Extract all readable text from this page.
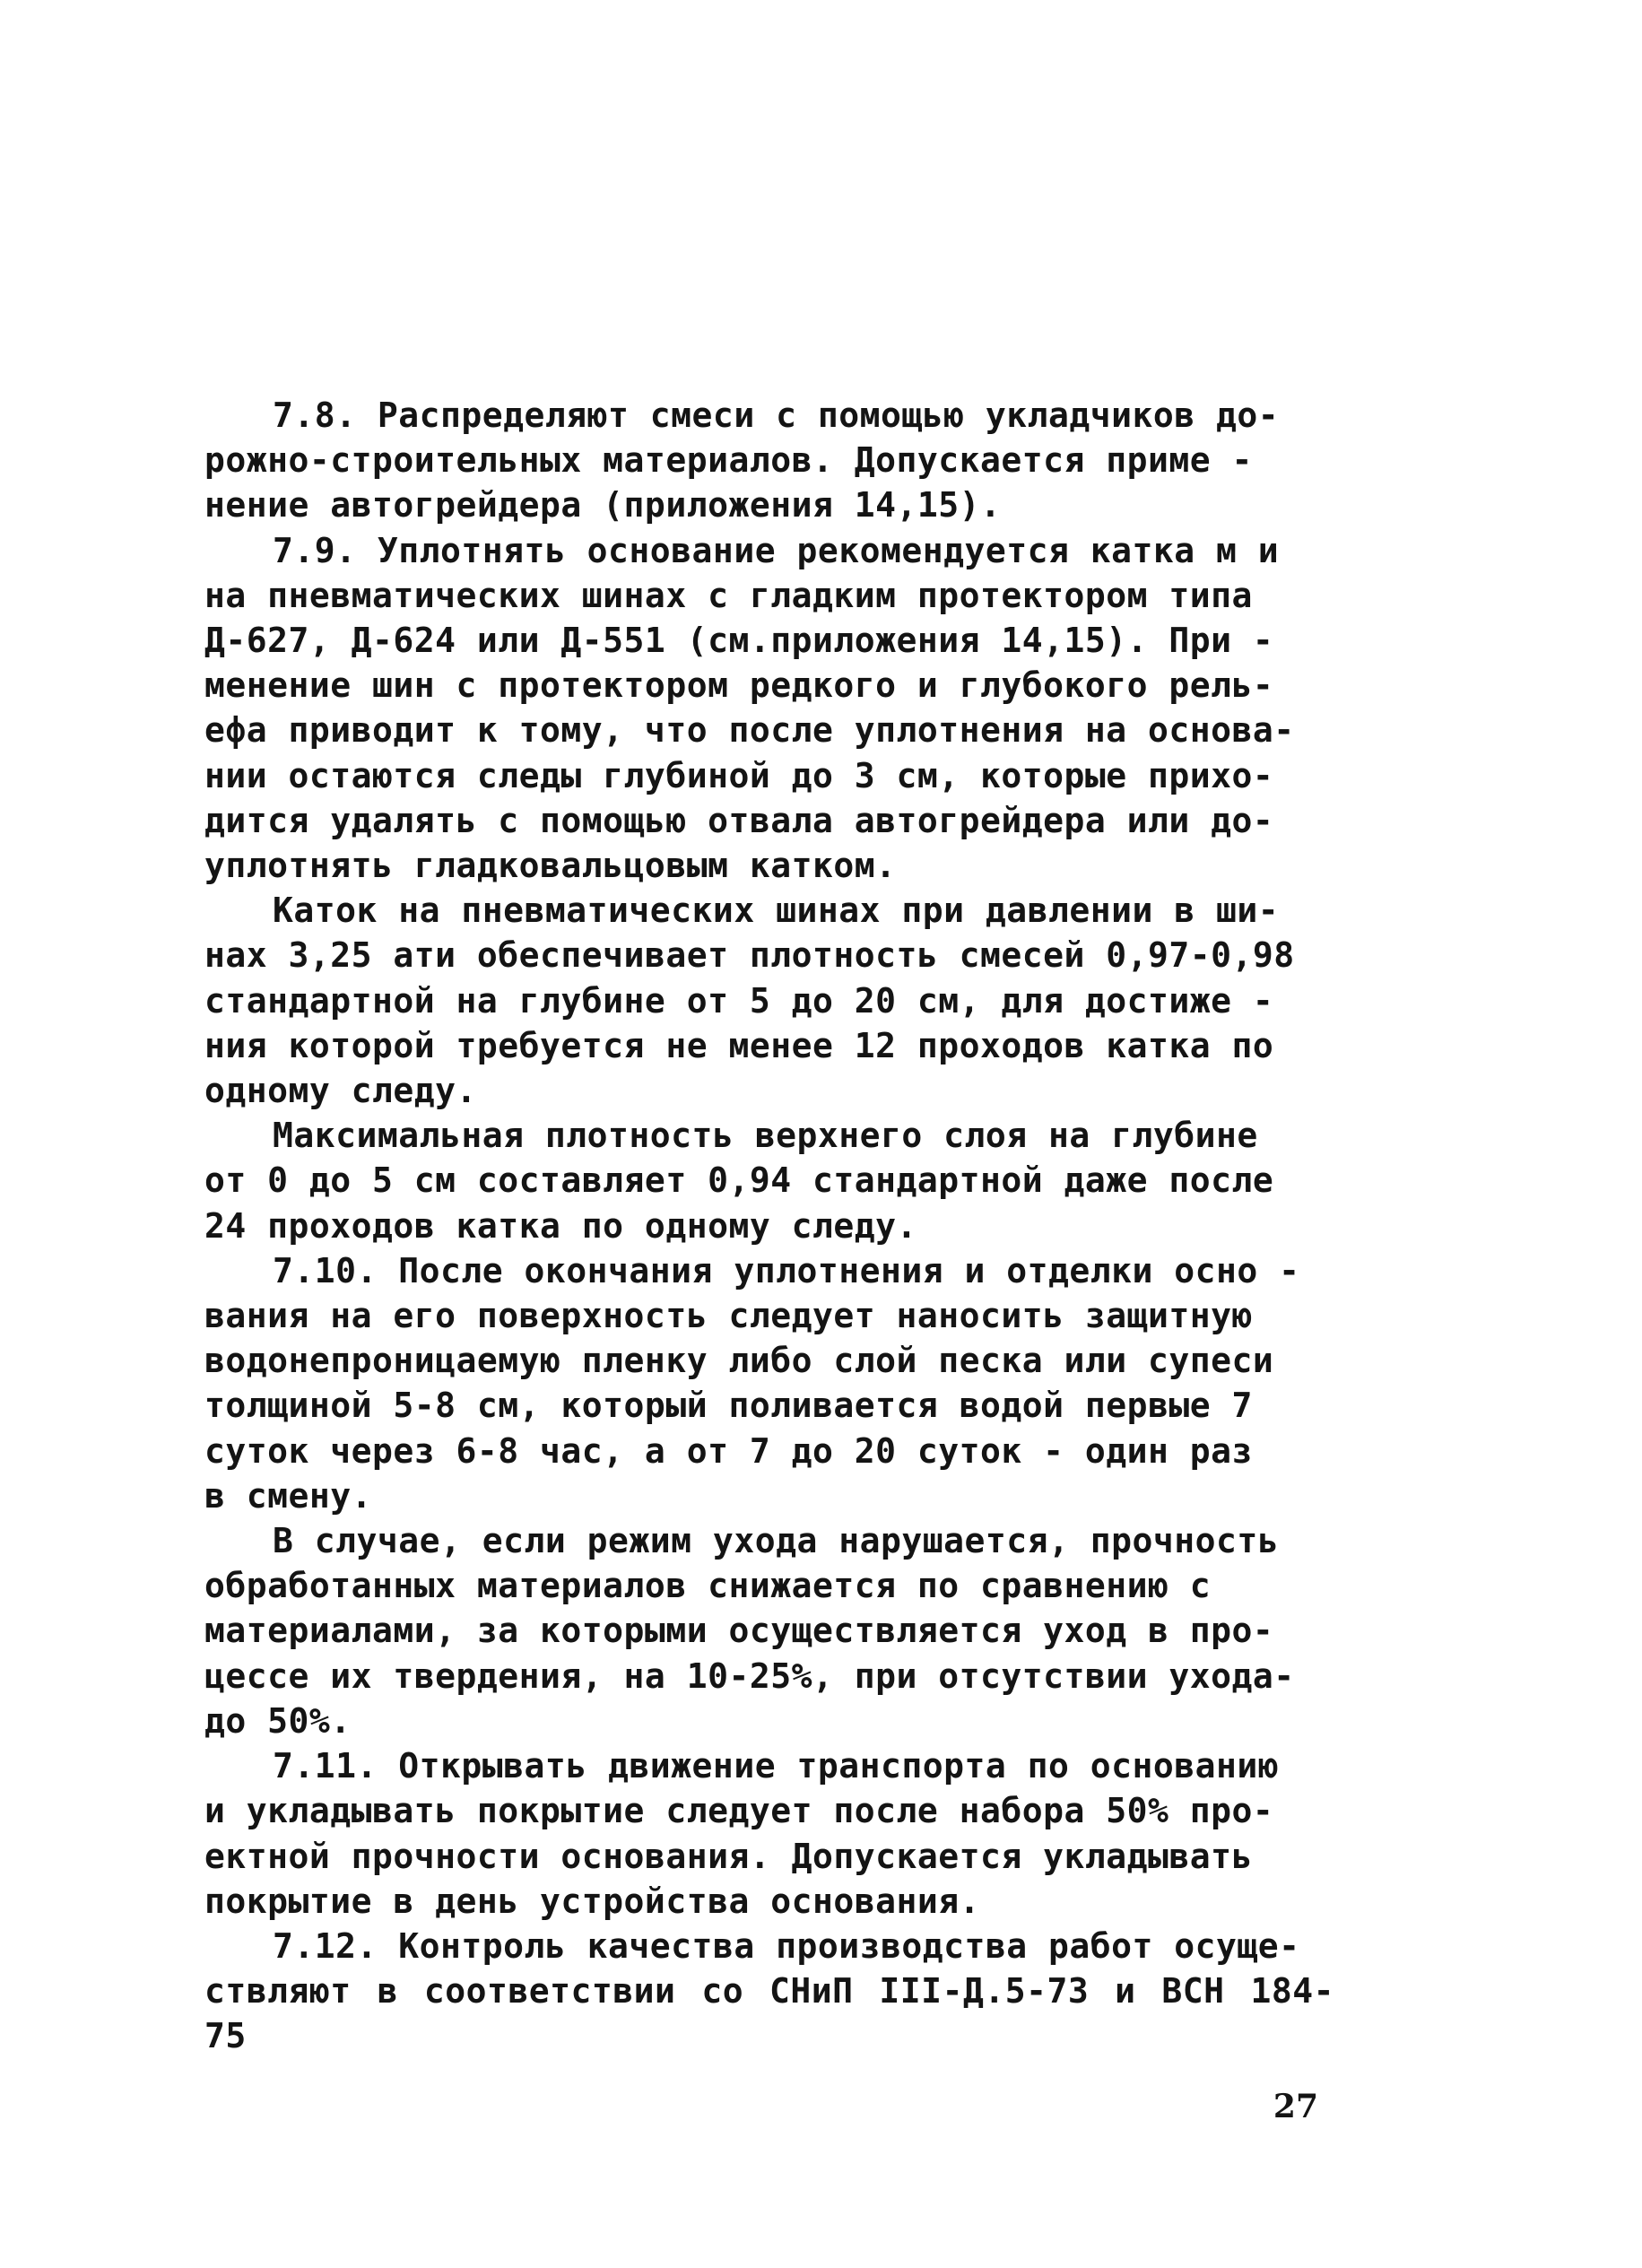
7.8. Распределяют смеси с помощью укладчиков до-
рожно-строительных материалов. Допускается приме -
нение автогрейдера (приложения 14,15).

7.9. Уплотнять основание рекомендуется катка м и
на пневматических шинах с гладким протектором типа
Д-627, Д-624 или Д-551 (см.приложения 14,15). При -
менение шин с протектором редкого и глубокого рель-
ефа приводит к тому, что после уплотнения на основа-
нии остаются следы глубиной до 3 см, которые прихо-
дится удалять с помощью отвала автогрейдера или до-
уплотнять гладковальцовым катком.

Каток на пневматических шинах при давлении в ши-
нах 3,25 ати обеспечивает плотность смесей 0,97-0,98
стандартной на глубине от 5 до 20 см, для достиже -
ния которой требуется не менее 12 проходов катка по
одному следу.

Максимальная плотность верхнего слоя на глубине
от 0 до 5 см составляет 0,94 стандартной даже после
24 проходов катка по одному следу.

7.10. После окончания уплотнения и отделки осно -
вания на его поверхность следует наносить защитную
водонепроницаемую пленку либо слой песка или супеси
толщиной 5-8 см, который поливается водой первые 7
суток через 6-8 час, а от 7 до 20 суток - один раз
в смену.

В случае, если режим ухода нарушается, прочность
обработанных материалов снижается по сравнению с
материалами, за которыми осуществляется уход в про-
цессе их твердения, на 10-25%, при отсутствии ухода-
до 50%.

7.11. Открывать движение транспорта по основанию
и укладывать покрытие следует после набора 50% про-
ектной прочности основания. Допускается укладывать
покрытие в день устройства основания.

7.12. Контроль качества производства работ осуще-
ствляют в соответствии со СНиП III-Д.5-73 и ВСН 184-75

27
